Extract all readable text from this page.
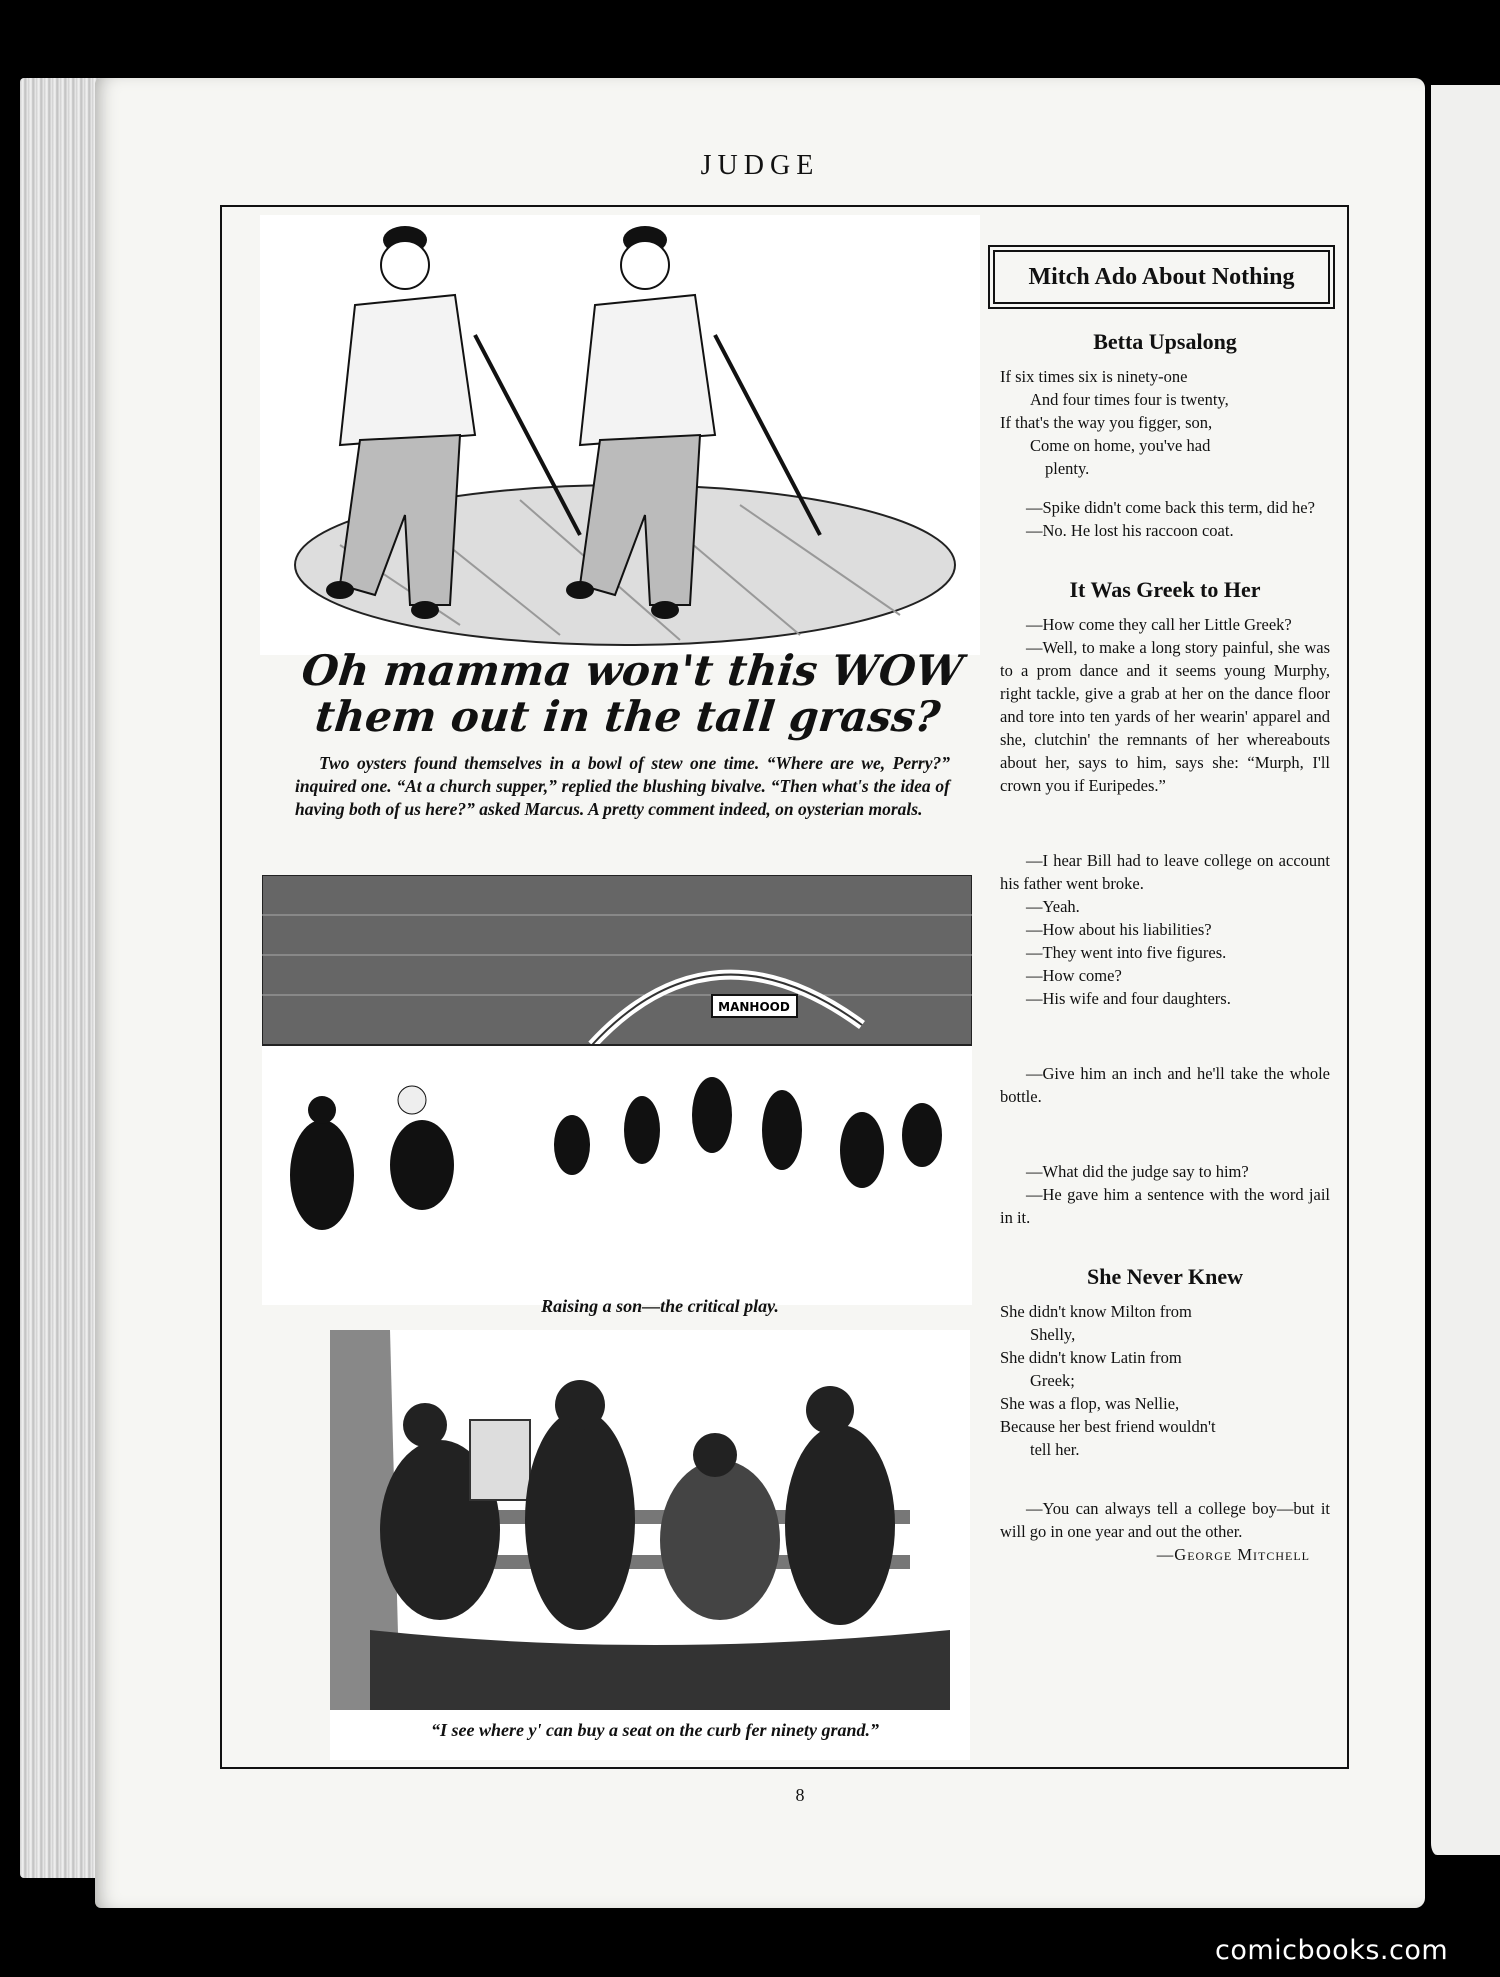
JUDGE
Oh mamma won't this WOW
them out in the tall grass?
Two oysters found themselves in a bowl of stew one time. “Where are we, Perry?” inquired one. “At a church supper,” replied the blushing bivalve. “Then what's the idea of having both of us here?” asked Marcus. A pretty comment indeed, on oysterian morals.
MANHOOD
Raising a son—the critical play.
“I see where y' can buy a seat on the curb fer ninety grand.”
Mitch Ado About Nothing
Betta Upsalong
If six times six is ninety-one
And four times four is twenty,
If that's the way you figger, son,
Come on home, you've had
plenty.

—Spike didn't come back this term, did he?

—No. He lost his raccoon coat.

It Was Greek to Her

—How come they call her Little Greek?

—Well, to make a long story painful, she was to a prom dance and it seems young Murphy, right tackle, give a grab at her on the dance floor and tore into ten yards of her wearin' apparel and she, clutchin' the remnants of her whereabouts about her, says to him, says she: “Murph, I'll crown you if Euripedes.”

—I hear Bill had to leave college on account his father went broke.

—Yeah.

—How about his liabilities?

—They went into five figures.

—How come?

—His wife and four daughters.

—Give him an inch and he'll take the whole bottle.

—What did the judge say to him?

—He gave him a sentence with the word jail in it.

She Never Knew
She didn't know Milton from
Shelly,
She didn't know Latin from
Greek;
She was a flop, was Nellie,
Because her best friend wouldn't
tell her.

—You can always tell a college boy—but it will go in one year and out the other.

—George Mitchell
8
comicbooks.com
